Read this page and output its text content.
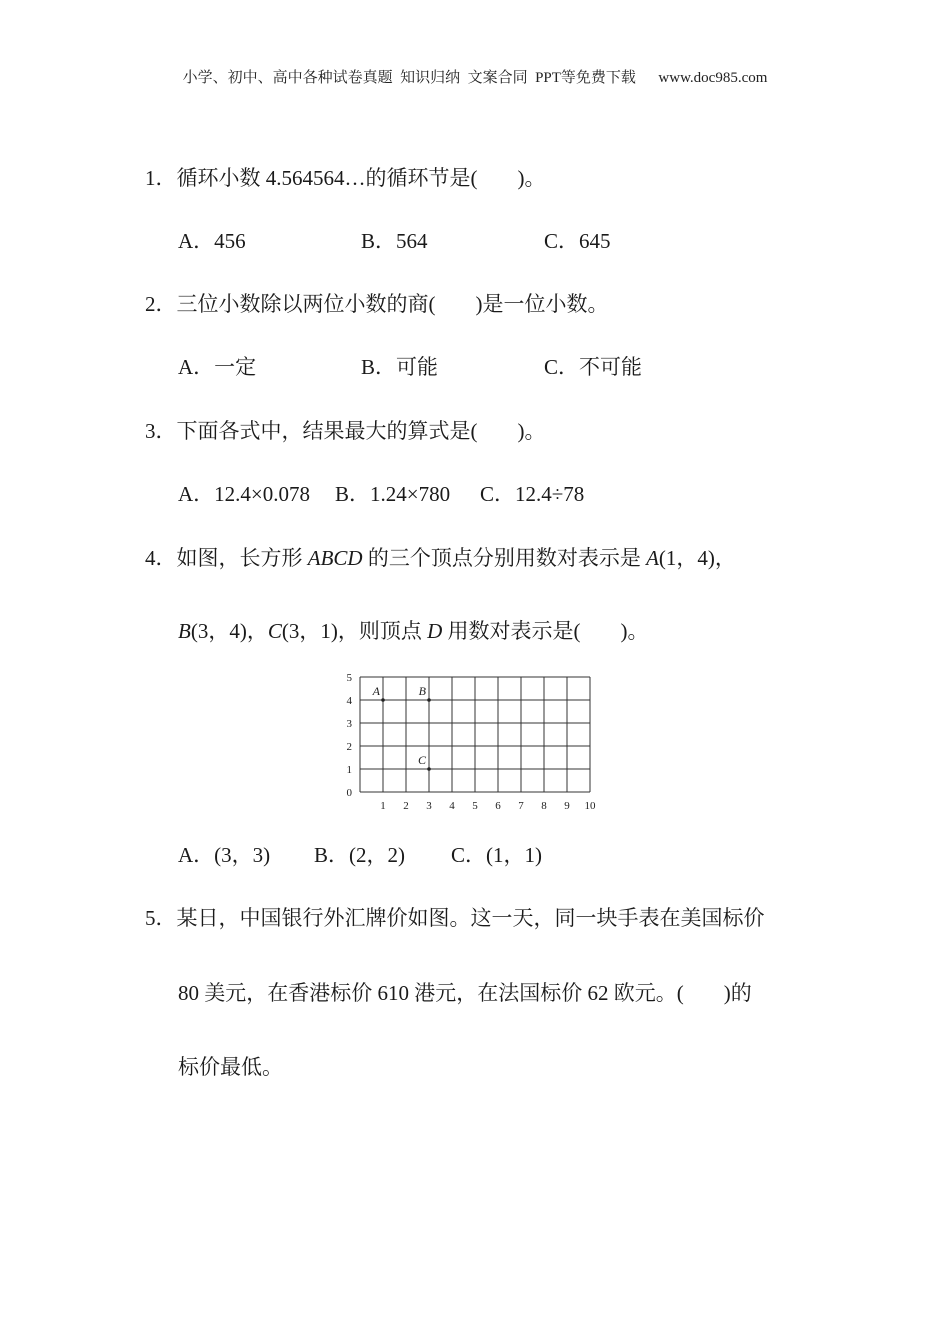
小学、初中、高中各种试卷真题  知识归纳  文案合同  PPT等免费下载      www.doc985.com
1．循环小数 4.564564…的循环节是( )。
A．456	B．564	C．645
2．三位小数除以两位小数的商( )是一位小数。
A．一定	B．可能	C．不可能
3．下面各式中，结果最大的算式是( )。
A．12.4×0.078 B．1.24×780 C．12.4÷78
4．如图，长方形 ABCD 的三个顶点分别用数对表示是 A(1，4)，
B(3，4)，C(3，1)，则顶点 D 用数对表示是( )。
1 2 3 4 5 6 7 8 9 10
0
1
2
3
4
5
A	B
C
A．(3，3) B．(2，2) C．(1，1)
5．某日，中国银行外汇牌价如图。这一天，同一块手表在美国标价
80 美元，在香港标价 610 港元，在法国标价 62 欧元。( )的
标价最低。
